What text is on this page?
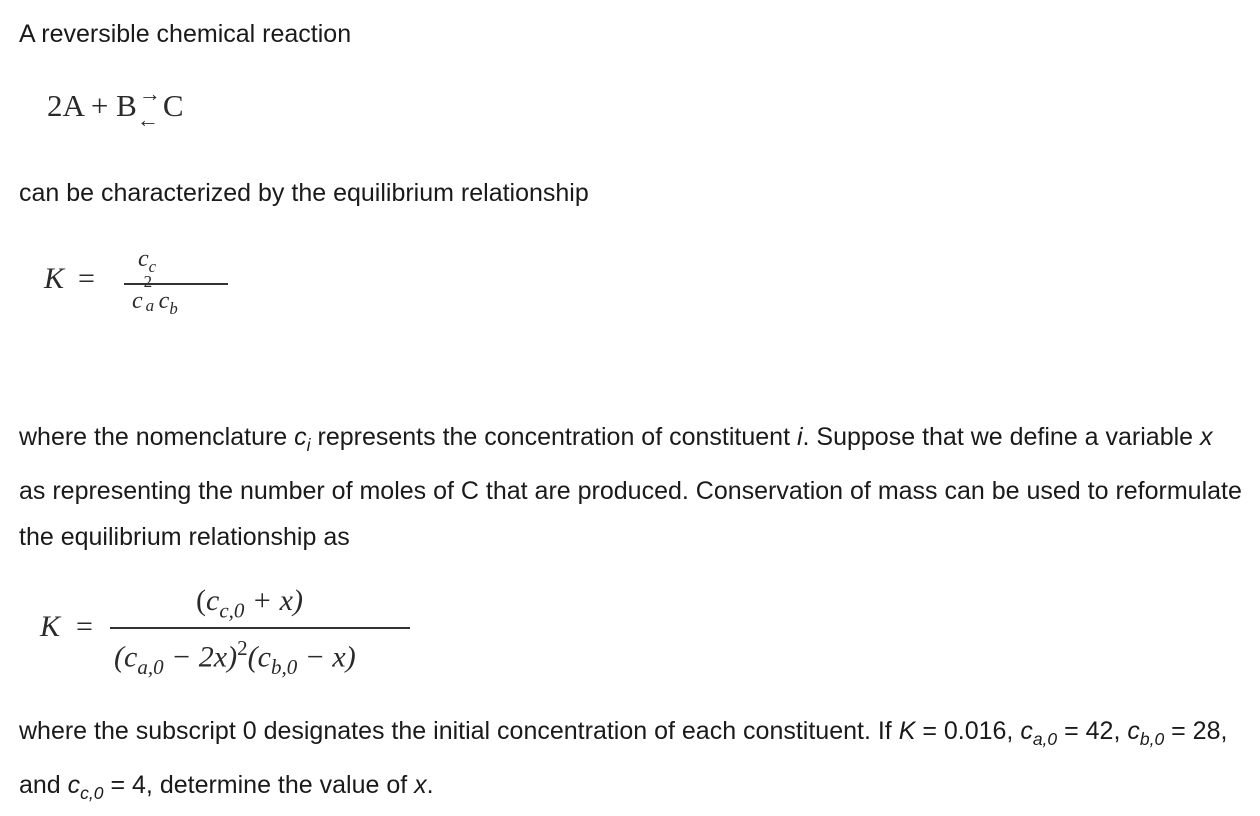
A reversible chemical reaction

2A + B →
← C

can be characterized by the equilibrium relationship

K =
$c_c$
c
2
a $c_b$

where the nomenclature $c_i$ represents the concentration of constituent i. Suppose that we define a variable x as representing the number of moles of C that are produced. Conservation of mass can be used to reformulate the equilibrium relationship as

K =
$(c_{c,0} + x)$
$(c_{a,0} - 2x)^2(c_{b,0} - x)$

where the subscript 0 designates the initial concentration of each constituent. If K = 0.016, $c_{a,0} = 42$, $c_{b,0} = 28$, and $c_{c,0} = 4$, determine the value of x.
